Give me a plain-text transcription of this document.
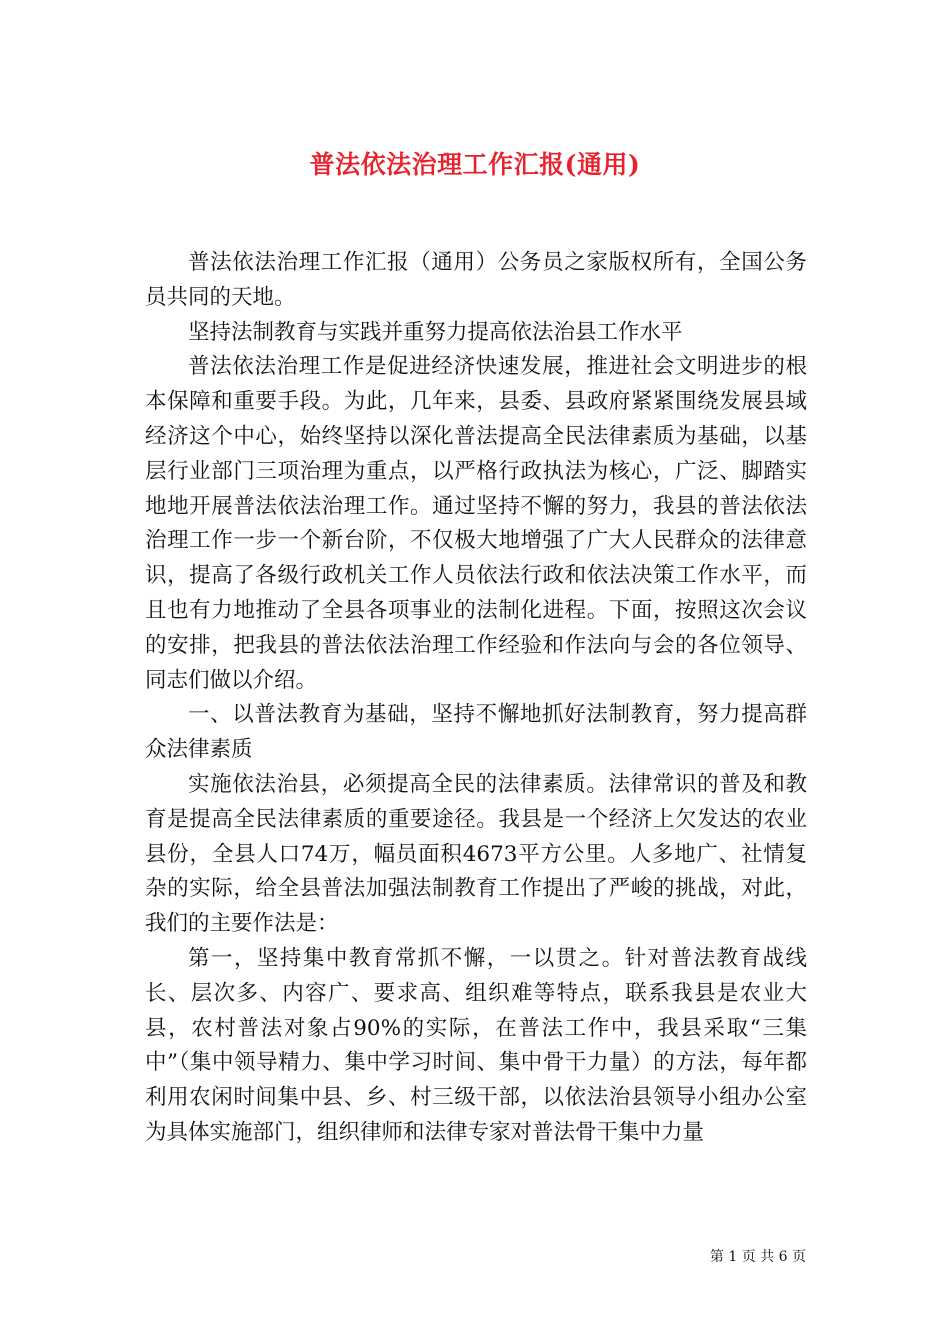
普法依法治理工作汇报(通用)

普法依法治理工作汇报（通用）公务员之家版权所有，全国公务员共同的天地。

坚持法制教育与实践并重努力提高依法治县工作水平

普法依法治理工作是促进经济快速发展，推进社会文明进步的根本保障和重要手段。为此，几年来，县委、县政府紧紧围绕发展县域经济这个中心，始终坚持以深化普法提高全民法律素质为基础，以基层行业部门三项治理为重点，以严格行政执法为核心，广泛、脚踏实地地开展普法依法治理工作。通过坚持不懈的努力，我县的普法依法治理工作一步一个新台阶，不仅极大地增强了广大人民群众的法律意识，提高了各级行政机关工作人员依法行政和依法决策工作水平，而且也有力地推动了全县各项事业的法制化进程。下面，按照这次会议的安排，把我县的普法依法治理工作经验和作法向与会的各位领导、同志们做以介绍。

一、以普法教育为基础，坚持不懈地抓好法制教育，努力提高群众法律素质

实施依法治县，必须提高全民的法律素质。法律常识的普及和教育是提高全民法律素质的重要途径。我县是一个经济上欠发达的农业县份，全县人口74万，幅员面积4673平方公里。人多地广、社情复杂的实际，给全县普法加强法制教育工作提出了严峻的挑战，对此，我们的主要作法是：

第一，坚持集中教育常抓不懈，一以贯之。针对普法教育战线长、层次多、内容广、要求高、组织难等特点，联系我县是农业大县，农村普法对象占90%的实际，在普法工作中，我县采取“三集中”（集中领导精力、集中学习时间、集中骨干力量）的方法，每年都利用农闲时间集中县、乡、村三级干部，以依法治县领导小组办公室为具体实施部门，组织律师和法律专家对普法骨干集中力量

第 1 页 共 6 页
